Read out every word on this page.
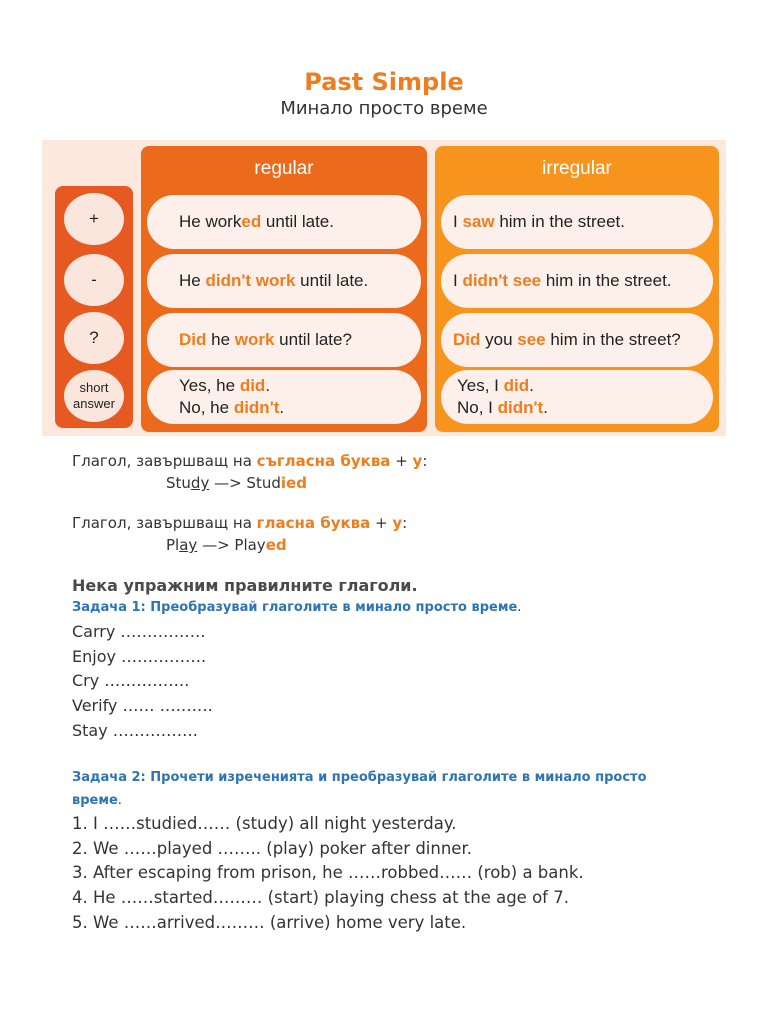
Past Simple
Минало просто време
+
-
?
short
answer
regular	irregular
He worked until late.
He didn't work until late.
Did he work until late?
Yes, he did.
No, he didn't.
I saw him in the street.
I didn't see him in the street.
Did you see him in the street?
Yes, I did.
No, I didn't.
Глагол, завършващ на съгласна буква + y:
Study —> Studied
Глагол, завършващ на гласна буква + y:
Play —> Played
Нека упражним правилните глаголи.
Задача 1: Преобразувай глаголите в минало просто време.
Carry …………….
Enjoy …………….
Cry …………….
Verify …… ……….
Stay …………….
Задача 2: Прочети изреченията и преобразувай глаголите в минало просто
време.
1. I ……studied…… (study) all night yesterday.
2. We ……played …….. (play) poker after dinner.
3. After escaping from prison, he ……robbed…… (rob) a bank.
4. He ……started……… (start) playing chess at the age of 7.
5. We ……arrived……… (arrive) home very late.
